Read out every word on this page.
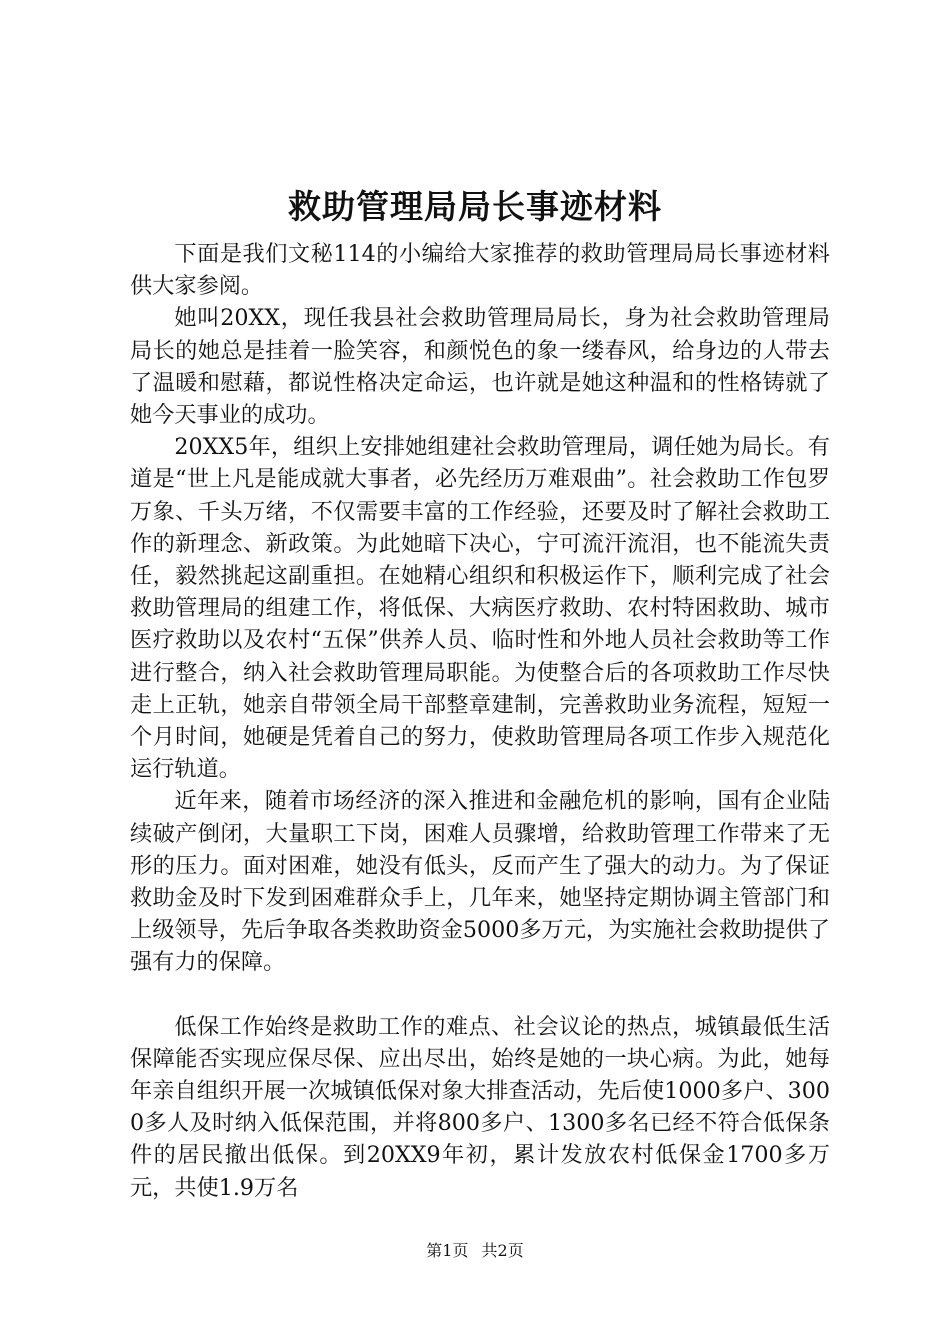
救助管理局局长事迹材料

下面是我们文秘114的小编给大家推荐的救助管理局局长事迹材料供大家参阅。

她叫20XX，现任我县社会救助管理局局长，身为社会救助管理局局长的她总是挂着一脸笑容，和颜悦色的象一缕春风，给身边的人带去了温暖和慰藉，都说性格决定命运，也许就是她这种温和的性格铸就了她今天事业的成功。

20XX5年，组织上安排她组建社会救助管理局，调任她为局长。有道是“世上凡是能成就大事者，必先经历万难艰曲”。社会救助工作包罗万象、千头万绪，不仅需要丰富的工作经验，还要及时了解社会救助工作的新理念、新政策。为此她暗下决心，宁可流汗流泪，也不能流失责任，毅然挑起这副重担。在她精心组织和积极运作下，顺利完成了社会救助管理局的组建工作，将低保、大病医疗救助、农村特困救助、城市医疗救助以及农村“五保”供养人员、临时性和外地人员社会救助等工作进行整合，纳入社会救助管理局职能。为使整合后的各项救助工作尽快走上正轨，她亲自带领全局干部整章建制，完善救助业务流程，短短一个月时间，她硬是凭着自己的努力，使救助管理局各项工作步入规范化运行轨道。

近年来，随着市场经济的深入推进和金融危机的影响，国有企业陆续破产倒闭，大量职工下岗，困难人员骤增，给救助管理工作带来了无形的压力。面对困难，她没有低头，反而产生了强大的动力。为了保证救助金及时下发到困难群众手上，几年来，她坚持定期协调主管部门和上级领导，先后争取各类救助资金5000多万元，为实施社会救助提供了强有力的保障。

低保工作始终是救助工作的难点、社会议论的热点，城镇最低生活保障能否实现应保尽保、应出尽出，始终是她的一块心病。为此，她每年亲自组织开展一次城镇低保对象大排查活动，先后使1000多户、3000多人及时纳入低保范围，并将800多户、1300多名已经不符合低保条件的居民撤出低保。到20XX9年初，累计发放农村低保金1700多万元，共使1.9万名

第1页 共2页
